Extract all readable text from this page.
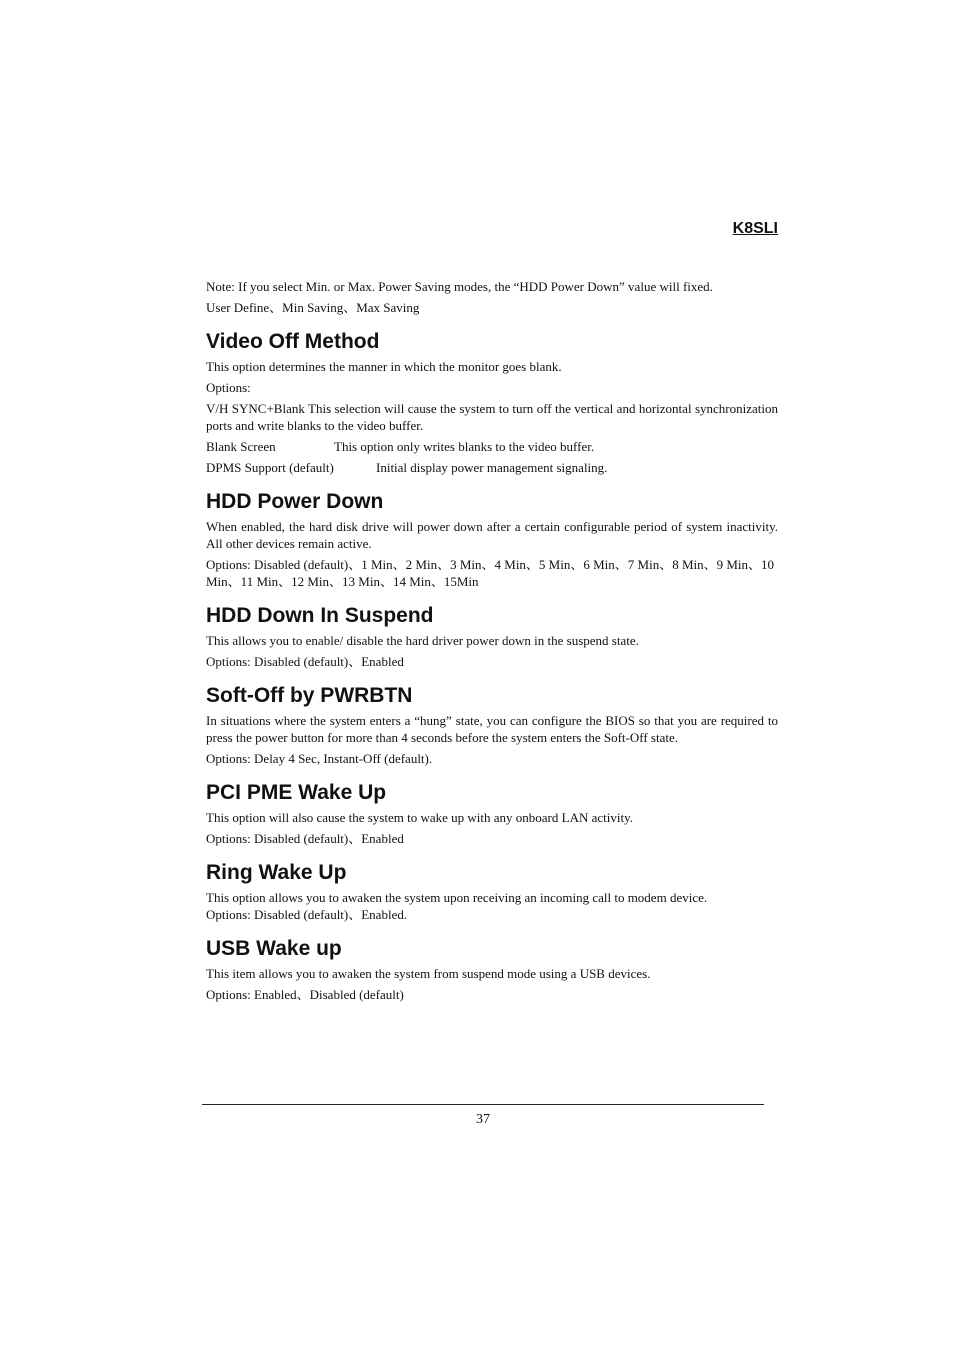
K8SLI

Note: If you select Min. or Max. Power Saving modes, the “HDD Power Down” value will fixed.

User Define、Min Saving、Max Saving

Video Off Method

This option determines the manner in which the monitor goes blank.

Options:

V/H SYNC+Blank This selection will cause the system to turn off the vertical and horizontal synchronization ports and write blanks to the video buffer.

Blank Screen	This option only writes blanks to the video buffer.
DPMS Support (default)	Initial display power management signaling.
HDD Power Down

When enabled, the hard disk drive will power down after a certain configurable period of system inactivity. All other devices remain active.

Options: Disabled (default)、1 Min、2 Min、3 Min、4 Min、5 Min、6 Min、7 Min、8 Min、9 Min、10 Min、11 Min、12 Min、13 Min、14 Min、15Min

HDD Down In Suspend

This allows you to enable/ disable the hard driver power down in the suspend state.

Options: Disabled (default)、Enabled

Soft-Off by PWRBTN

In situations where the system enters a “hung” state, you can configure the BIOS so that you are required to press the power button for more than 4 seconds before the system enters the Soft-Off state.

Options: Delay 4 Sec, Instant-Off (default).

PCI PME Wake Up

This option will also cause the system to wake up with any onboard LAN activity.

Options: Disabled (default)、Enabled

Ring Wake Up

This option allows you to awaken the system upon receiving an incoming call to modem device.

Options: Disabled (default)、Enabled.

USB Wake up

This item allows you to awaken the system from suspend mode using a USB devices.

Options: Enabled、Disabled (default)

37
